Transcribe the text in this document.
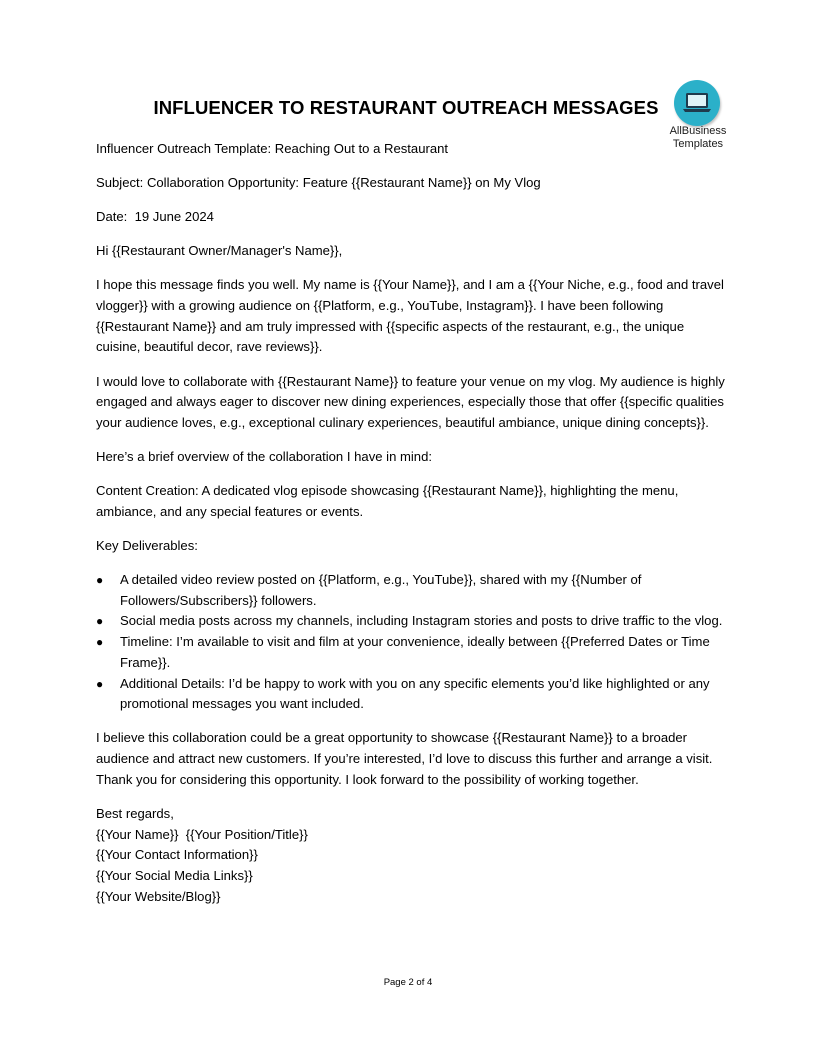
INFLUENCER TO RESTAURANT OUTREACH MESSAGES
AllBusiness
Templates

Influencer Outreach Template: Reaching Out to a Restaurant

Subject: Collaboration Opportunity: Feature {{Restaurant Name}} on My Vlog

Date:  19 June 2024

Hi {{Restaurant Owner/Manager's Name}},

I hope this message finds you well. My name is {{Your Name}}, and I am a {{Your Niche, e.g., food and travel vlogger}} with a growing audience on {{Platform, e.g., YouTube, Instagram}}. I have been following {{Restaurant Name}} and am truly impressed with {{specific aspects of the restaurant, e.g., the unique cuisine, beautiful decor, rave reviews}}.

I would love to collaborate with {{Restaurant Name}} to feature your venue on my vlog. My audience is highly engaged and always eager to discover new dining experiences, especially those that offer {{specific qualities your audience loves, e.g., exceptional culinary experiences, beautiful ambiance, unique dining concepts}}.

Here’s a brief overview of the collaboration I have in mind:

Content Creation: A dedicated vlog episode showcasing {{Restaurant Name}}, highlighting the menu, ambiance, and any special features or events.

Key Deliverables:

● A detailed video review posted on {{Platform, e.g., YouTube}}, shared with my {{Number of Followers/Subscribers}} followers.
● Social media posts across my channels, including Instagram stories and posts to drive traffic to the vlog.
● Timeline: I’m available to visit and film at your convenience, ideally between {{Preferred Dates or Time Frame}}.
● Additional Details: I’d be happy to work with you on any specific elements you’d like highlighted or any promotional messages you want included.

I believe this collaboration could be a great opportunity to showcase {{Restaurant Name}} to a broader audience and attract new customers. If you’re interested, I’d love to discuss this further and arrange a visit. Thank you for considering this opportunity. I look forward to the possibility of working together.

Best regards,
{{Your Name}}  {{Your Position/Title}}
{{Your Contact Information}}
{{Your Social Media Links}}
{{Your Website/Blog}}

Page 2 of 4
